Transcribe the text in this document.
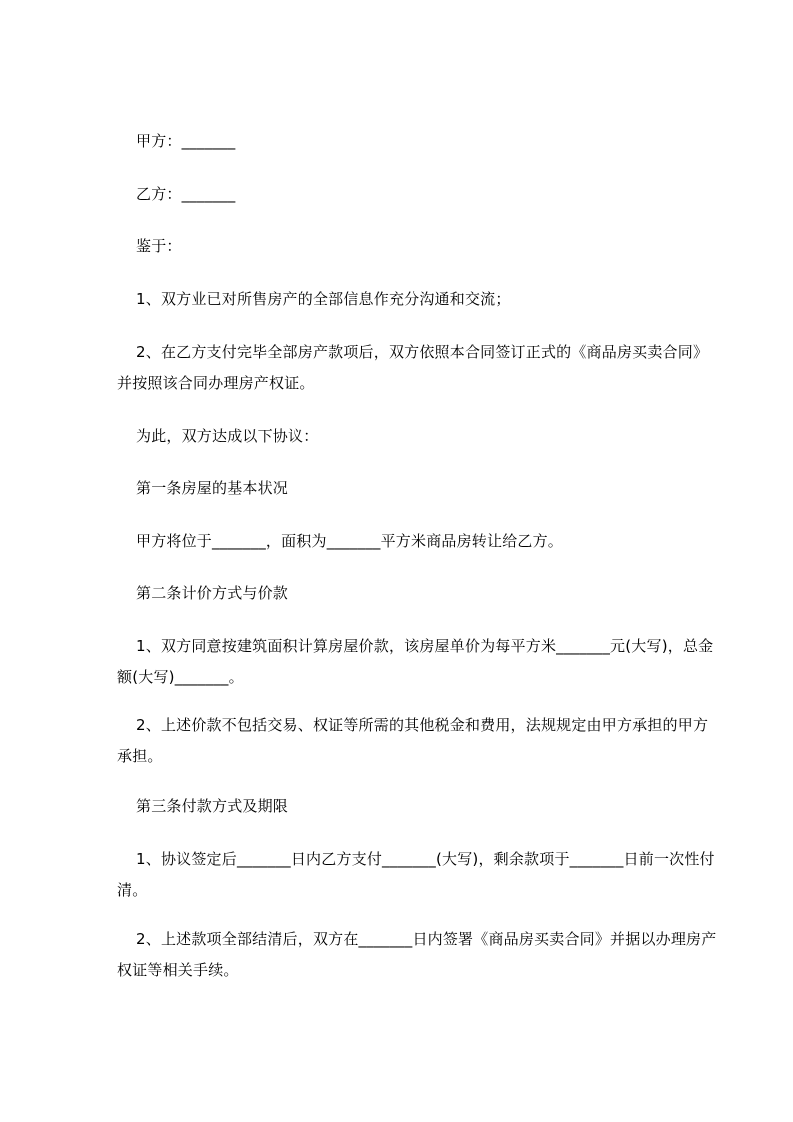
甲方：_______

乙方：_______

鉴于：

1、双方业已对所售房产的全部信息作充分沟通和交流；

2、在乙方支付完毕全部房产款项后，双方依照本合同签订正式的《商品房买卖合同》并按照该合同办理房产权证。

为此，双方达成以下协议：

第一条房屋的基本状况

甲方将位于_______，面积为_______平方米商品房转让给乙方。

第二条计价方式与价款

1、双方同意按建筑面积计算房屋价款，该房屋单价为每平方米_______元(大写)，总金额(大写)_______。

2、上述价款不包括交易、权证等所需的其他税金和费用，法规规定由甲方承担的甲方承担。

第三条付款方式及期限

1、协议签定后_______日内乙方支付_______(大写)，剩余款项于_______日前一次性付清。

2、上述款项全部结清后，双方在_______日内签署《商品房买卖合同》并据以办理房产权证等相关手续。
